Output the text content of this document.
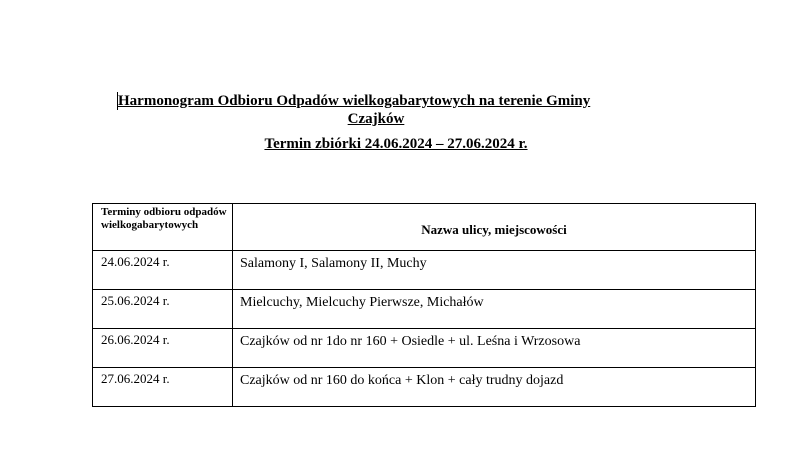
Harmonogram Odbioru Odpadów wielkogabarytowych na terenie Gminy
Czajków
Termin zbiórki 24.06.2024 – 27.06.2024 r.
Terminy odbioru odpadów wielkogabarytowych	Nazwa ulicy, miejscowości
24.06.2024 r.	Salamony I, Salamony II, Muchy
25.06.2024 r.	Mielcuchy, Mielcuchy Pierwsze, Michałów
26.06.2024 r.	Czajków od nr 1do nr 160 + Osiedle + ul. Leśna i Wrzosowa
27.06.2024 r.	Czajków od nr 160 do końca + Klon + cały trudny dojazd
